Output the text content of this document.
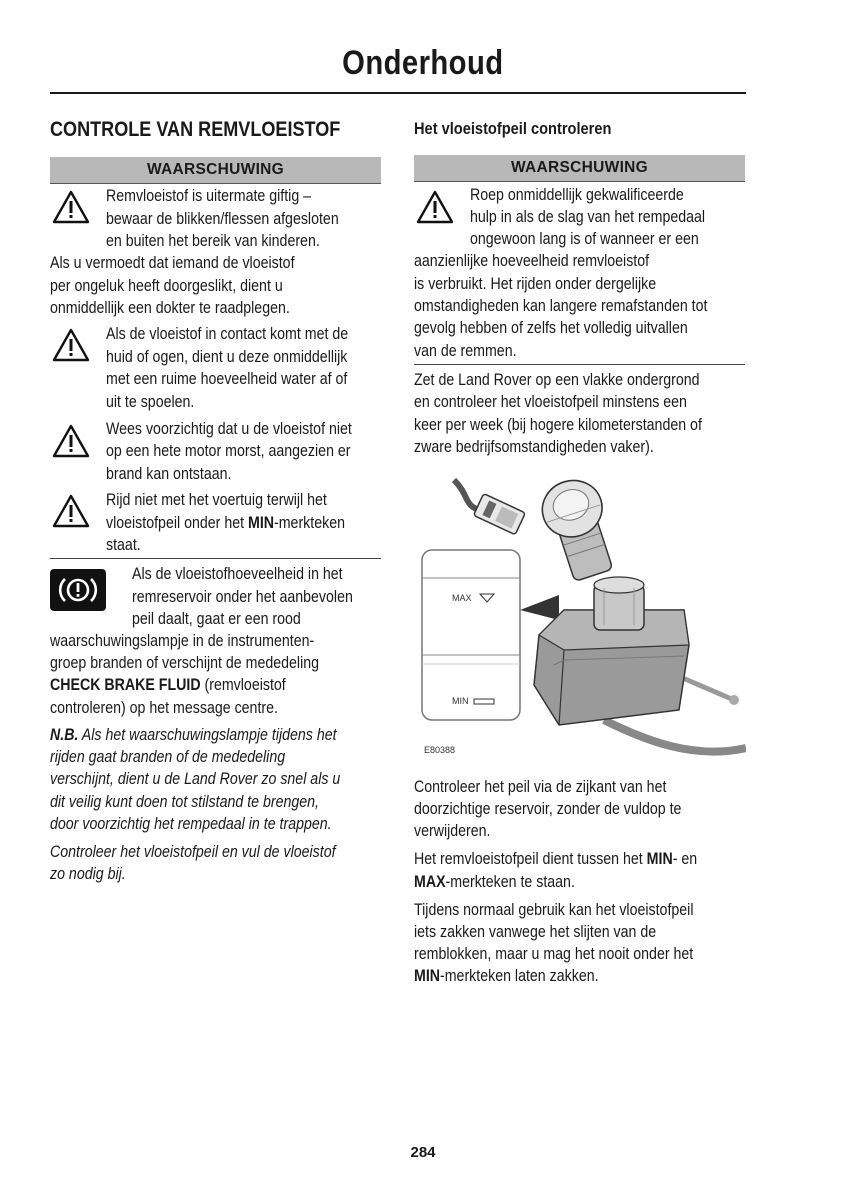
Onderhoud
CONTROLE VAN REMVLOEISTOF
WAARSCHUWING
Remvloeistof is uitermate giftig –
bewaar de blikken/flessen afgesloten
en buiten het bereik van kinderen.
Als u vermoedt dat iemand de vloeistof
per ongeluk heeft doorgeslikt, dient u
onmiddellijk een dokter te raadplegen.
Als de vloeistof in contact komt met de
huid of ogen, dient u deze onmiddellijk
met een ruime hoeveelheid water af of
uit te spoelen.
Wees voorzichtig dat u de vloeistof niet
op een hete motor morst, aangezien er
brand kan ontstaan.
Rijd niet met het voertuig terwijl het
vloeistofpeil onder het MIN-merkteken
staat.
Als de vloeistofhoeveelheid in het
remreservoir onder het aanbevolen
peil daalt, gaat er een rood
waarschuwingslampje in de instrumenten-
groep branden of verschijnt de mededeling
CHECK BRAKE FLUID (remvloeistof
controleren) op het message centre.
N.B. Als het waarschuwingslampje tijdens het
rijden gaat branden of de mededeling
verschijnt, dient u de Land Rover zo snel als u
dit veilig kunt doen tot stilstand te brengen,
door voorzichtig het rempedaal in te trappen.
Controleer het vloeistofpeil en vul de vloeistof
zo nodig bij.
Het vloeistofpeil controleren
WAARSCHUWING
Roep onmiddellijk gekwalificeerde
hulp in als de slag van het rempedaal
ongewoon lang is of wanneer er een
aanzienlijke hoeveelheid remvloeistof
is verbruikt. Het rijden onder dergelijke
omstandigheden kan langere remafstanden tot
gevolg hebben of zelfs het volledig uitvallen
van de remmen.
Zet de Land Rover op een vlakke ondergrond
en controleer het vloeistofpeil minstens een
keer per week (bij hogere kilometerstanden of
zware bedrijfsomstandigheden vaker).
MAX
MIN
E80388
Controleer het peil via de zijkant van het
doorzichtige reservoir, zonder de vuldop te
verwijderen.
Het remvloeistofpeil dient tussen het MIN- en
MAX-merkteken te staan.
Tijdens normaal gebruik kan het vloeistofpeil
iets zakken vanwege het slijten van de
remblokken, maar u mag het nooit onder het
MIN-merkteken laten zakken.
284
